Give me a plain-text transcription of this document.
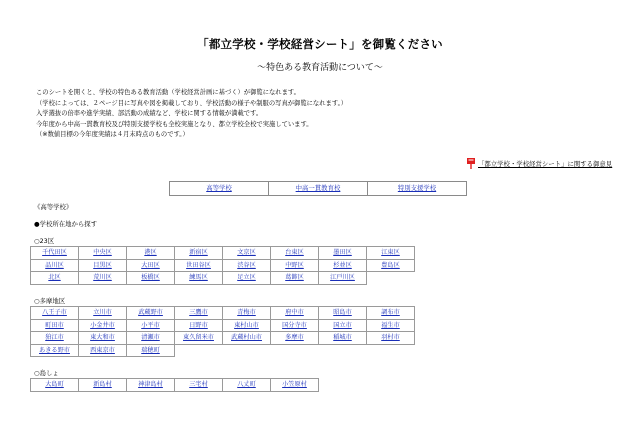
「都立学校・学校経営シート」を御覧ください
～特色ある教育活動について～
このシートを開くと、学校の特色ある教育活動（学校経営計画に基づく）が御覧になれます。
（学校によっては、２ページ目に写真や図を掲載しており、学校活動の様子や制服の写真が御覧になれます。）
入学選抜の倍率や進学実績、部活動の成績など、学校に関する情報が満載です。
今年度から中高一貫教育校及び特別支援学校も全校実施となり、都立学校全校で実施しています。
（※数値目標の今年度実績は４月末時点のものです。）
「都立学校・学校経営シート」に関する御意見
高等学校	中高一貫教育校	特別支援学校
《高等学校》
●学校所在地から探す
○23区
千代田区	中央区	港区	新宿区	文京区	台東区	墨田区	江東区
品川区	目黒区	大田区	世田谷区	渋谷区	中野区	杉並区	豊島区
北区	荒川区	板橋区	練馬区	足立区	葛飾区	江戸川区	
○多摩地区
八王子市	立川市	武蔵野市	三鷹市	青梅市	府中市	昭島市	調布市
町田市	小金井市	小平市	日野市	東村山市	国分寺市	国立市	福生市
狛江市	東大和市	清瀬市	東久留米市	武蔵村山市	多摩市	稲城市	羽村市
あきる野市	西東京市	瑞穂町					
○島しょ
大島町	新島村	神津島村	三宅村	八丈町	小笠原村		
